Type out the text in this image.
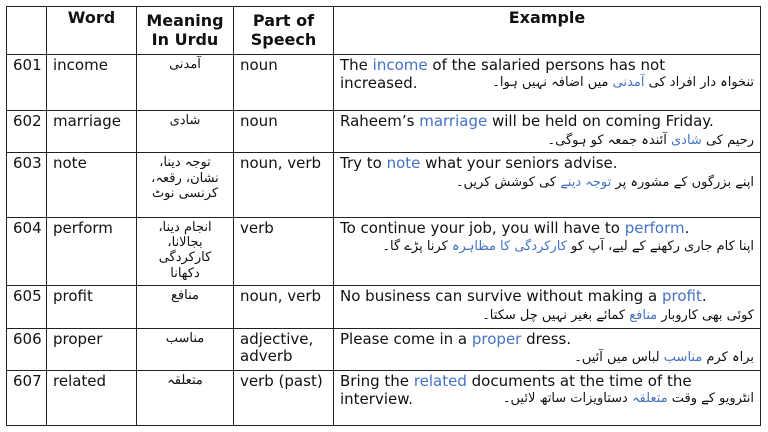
	Word	Meaning In Urdu	Part of Speech	Example
601	income	آمدنی	noun	The income of the salaried persons has not
increased. تنخواہ دار افراد کی آمدنی میں اضافہ نہیں ہوا۔

602	marriage	شادی	noun	Raheem’s marriage will be held on coming Friday.
رحیم کی شادی آئندہ جمعہ کو ہوگی۔

603	note	توجہ دینا، نشان، رقعہ، کرنسی نوٹ	noun, verb	Try to note what your seniors advise.
اپنے بزرگوں کے مشورہ پر توجہ دینے کی کوشش کریں۔

604	perform	انجام دینا، بجالانا، کارکردگی دکھانا	verb	To continue your job, you will have to perform.
اپنا کام جاری رکھنے کے لیے، آپ کو کارکردگی کا مظاہرہ کرنا پڑے گا۔

605	profit	منافع	noun, verb	No business can survive without making a profit.
کوئی بھی کاروبار منافع کمائے بغیر نہیں چل سکتا۔

606	proper	مناسب	adjective, adverb	Please come in a proper dress.
براہ کرم مناسب لباس میں آئیں۔

607	related	متعلقہ	verb (past)	Bring the related documents at the time of the
interview. انٹرویو کے وقت متعلقہ دستاویزات ساتھ لائیں۔
